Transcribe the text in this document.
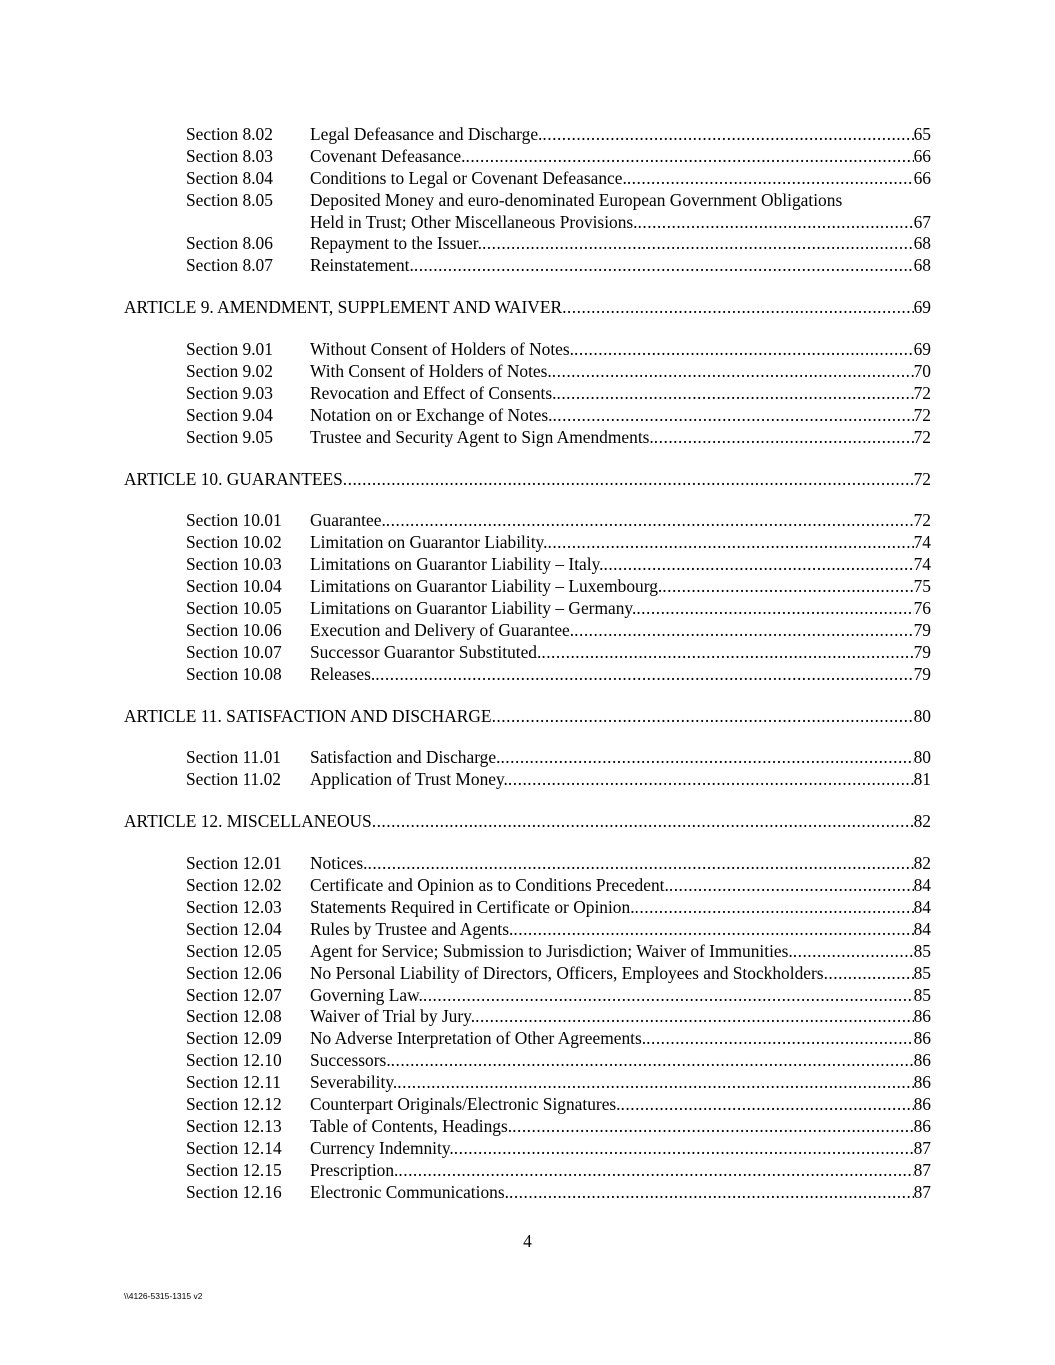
Section 8.02 Legal Defeasance and Discharge. .....	65
Section 8.03 Covenant Defeasance. .....	66
Section 8.04 Conditions to Legal or Covenant Defeasance. .....	66
Section 8.05 Deposited Money and euro-denominated European Government Obligations
Held in Trust; Other Miscellaneous Provisions. .....	67
Section 8.06 Repayment to the Issuer. .....	68
Section 8.07 Reinstatement. .....	68
ARTICLE 9. AMENDMENT, SUPPLEMENT AND WAIVER .....	69
Section 9.01 Without Consent of Holders of Notes. .....	69
Section 9.02 With Consent of Holders of Notes. .....	70
Section 9.03 Revocation and Effect of Consents. .....	72
Section 9.04 Notation on or Exchange of Notes. .....	72
Section 9.05 Trustee and Security Agent to Sign Amendments. .....	72
ARTICLE 10. GUARANTEES .....	72
Section 10.01 Guarantee. .....	72
Section 10.02 Limitation on Guarantor Liability. .....	74
Section 10.03 Limitations on Guarantor Liability – Italy. .....	74
Section 10.04 Limitations on Guarantor Liability – Luxembourg. .....	75
Section 10.05 Limitations on Guarantor Liability – Germany. .....	76
Section 10.06 Execution and Delivery of Guarantee. .....	79
Section 10.07 Successor Guarantor Substituted. .....	79
Section 10.08 Releases. .....	79
ARTICLE 11. SATISFACTION AND DISCHARGE .....	80
Section 11.01 Satisfaction and Discharge. .....	80
Section 11.02 Application of Trust Money. .....	81
ARTICLE 12. MISCELLANEOUS .....	82
Section 12.01 Notices. .....	82
Section 12.02 Certificate and Opinion as to Conditions Precedent. .....	84
Section 12.03 Statements Required in Certificate or Opinion. .....	84
Section 12.04 Rules by Trustee and Agents. .....	84
Section 12.05 Agent for Service; Submission to Jurisdiction; Waiver of Immunities. .....	85
Section 12.06 No Personal Liability of Directors, Officers, Employees and Stockholders .....	85
Section 12.07 Governing Law. .....	85
Section 12.08 Waiver of Trial by Jury. .....	86
Section 12.09 No Adverse Interpretation of Other Agreements. .....	86
Section 12.10 Successors. .....	86
Section 12.11 Severability. .....	86
Section 12.12 Counterpart Originals/Electronic Signatures. .....	86
Section 12.13 Table of Contents, Headings. .....	86
Section 12.14 Currency Indemnity. .....	87
Section 12.15 Prescription. .....	87
Section 12.16 Electronic Communications. .....	87
4
\\4126-5315-1315 v2
